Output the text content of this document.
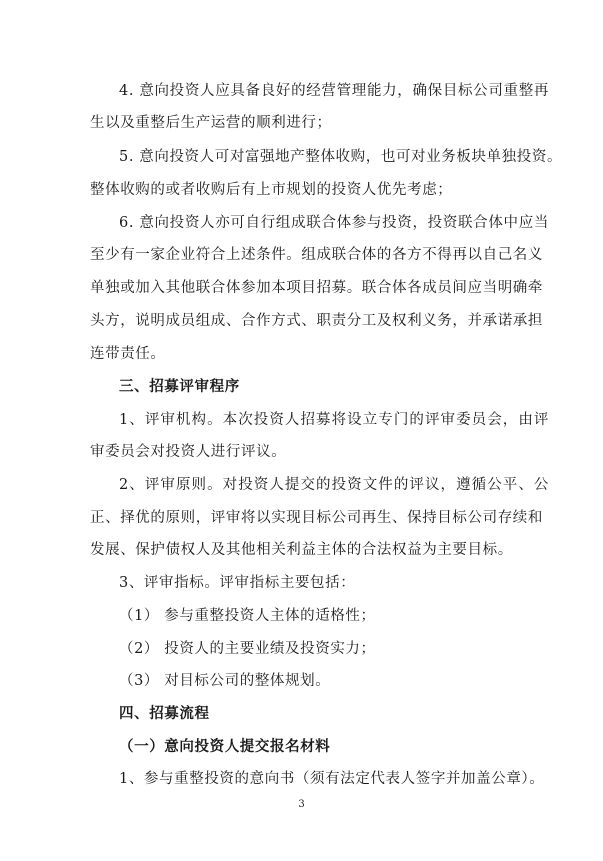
4. 意向投资人应具备良好的经营管理能力，确保目标公司重整再
生以及重整后生产运营的顺利进行；
5. 意向投资人可对富强地产整体收购，也可对业务板块单独投资。
整体收购的或者收购后有上市规划的投资人优先考虑；
6. 意向投资人亦可自行组成联合体参与投资，投资联合体中应当
至少有一家企业符合上述条件。组成联合体的各方不得再以自己名义
单独或加入其他联合体参加本项目招募。联合体各成员间应当明确牵
头方，说明成员组成、合作方式、职责分工及权利义务，并承诺承担
连带责任。
三、招募评审程序
1、评审机构。本次投资人招募将设立专门的评审委员会，由评
审委员会对投资人进行评议。
2、评审原则。对投资人提交的投资文件的评议，遵循公平、公
正、择优的原则，评审将以实现目标公司再生、保持目标公司存续和
发展、保护债权人及其他相关利益主体的合法权益为主要目标。
3、评审指标。评审指标主要包括：
（1） 参与重整投资人主体的适格性；
（2） 投资人的主要业绩及投资实力；
（3） 对目标公司的整体规划。
四、招募流程
（一）意向投资人提交报名材料
1、参与重整投资的意向书（须有法定代表人签字并加盖公章）。
3
